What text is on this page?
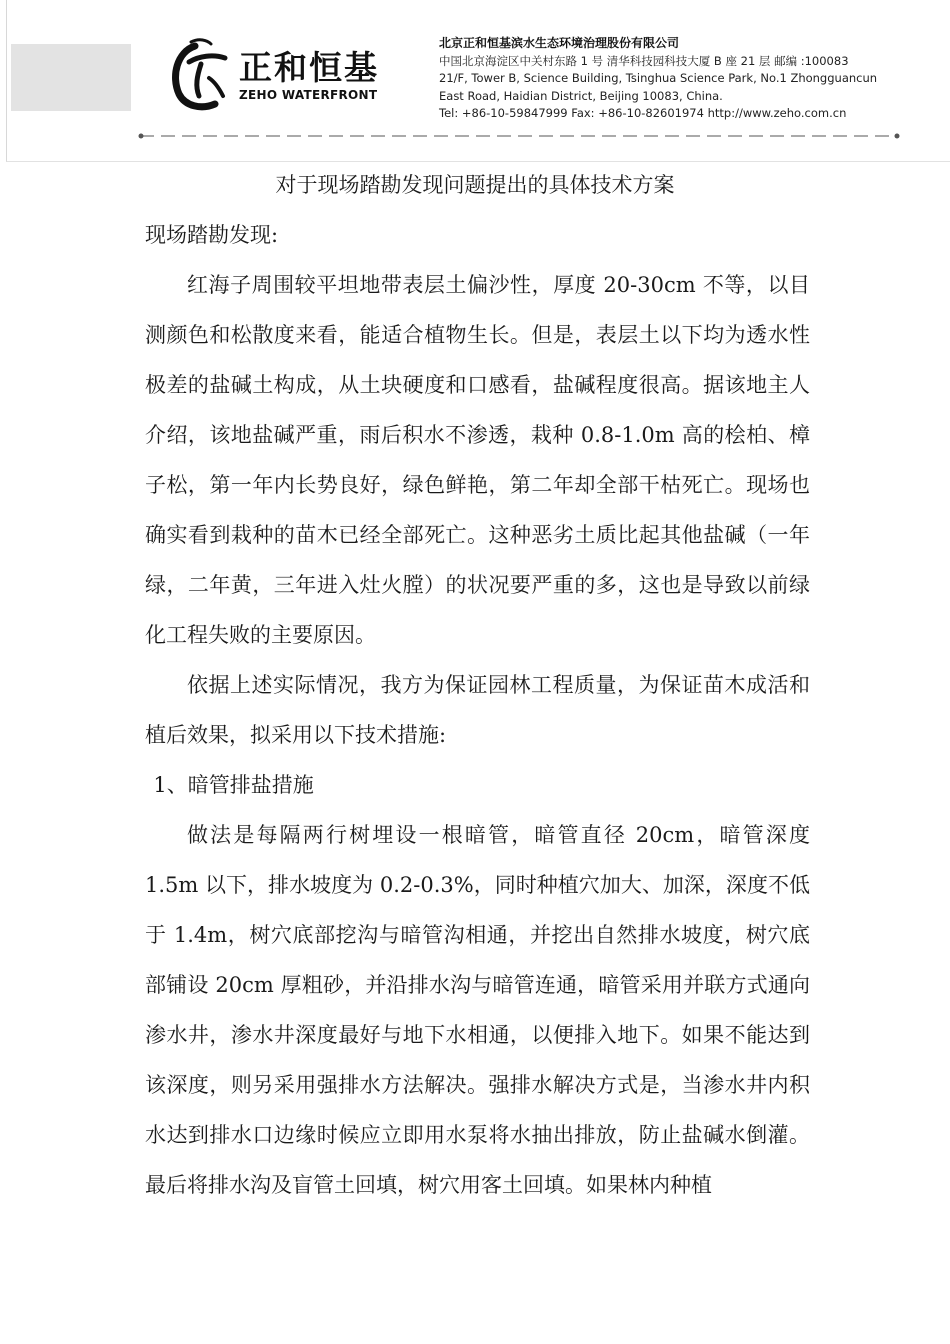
正和恒基
ZEHO WATERFRONT
北京正和恒基滨水生态环境治理股份有限公司
中国北京海淀区中关村东路 1 号 清华科技园科技大厦 B 座 21 层 邮编 :100083
21/F, Tower B, Science Building, Tsinghua Science Park, No.1 Zhongguancun
East Road, Haidian District, Beijing 10083, China.
Tel: +86-10-59847999 Fax: +86-10-82601974 http://www.zeho.com.cn
对于现场踏勘发现问题提出的具体技术方案

现场踏勘发现:

红海子周围较平坦地带表层土偏沙性，厚度 20-30cm 不等，以目测颜色和松散度来看，能适合植物生长。但是，表层土以下均为透水性极差的盐碱土构成，从土块硬度和口感看，盐碱程度很高。据该地主人介绍，该地盐碱严重，雨后积水不渗透，栽种 0.8-1.0m 高的桧柏、樟子松，第一年内长势良好，绿色鲜艳，第二年却全部干枯死亡。现场也确实看到栽种的苗木已经全部死亡。这种恶劣土质比起其他盐碱（一年绿，二年黄，三年进入灶火膛）的状况要严重的多，这也是导致以前绿化工程失败的主要原因。

依据上述实际情况，我方为保证园林工程质量，为保证苗木成活和植后效果，拟采用以下技术措施:

1、暗管排盐措施

做法是每隔两行树埋设一根暗管，暗管直径 20cm，暗管深度 1.5m 以下，排水坡度为 0.2-0.3%，同时种植穴加大、加深，深度不低于 1.4m，树穴底部挖沟与暗管沟相通，并挖出自然排水坡度，树穴底部铺设 20cm 厚粗砂，并沿排水沟与暗管连通，暗管采用并联方式通向渗水井，渗水井深度最好与地下水相通，以便排入地下。如果不能达到该深度，则另采用强排水方法解决。强排水解决方式是，当渗水井内积水达到排水口边缘时候应立即用水泵将水抽出排放，防止盐碱水倒灌。最后将排水沟及盲管土回填，树穴用客土回填。如果林内种植
